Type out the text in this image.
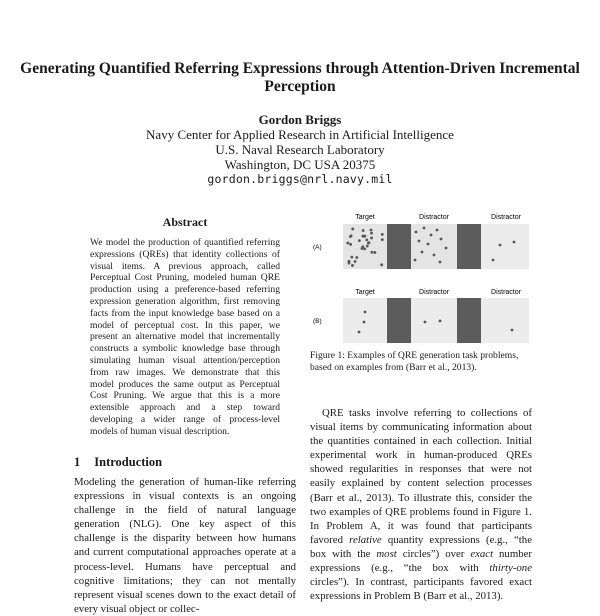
Generating Quantified Referring Expressions through Attention-Driven Incremental Perception
Gordon Briggs
Navy Center for Applied Research in Artificial Intelligence
U.S. Naval Research Laboratory
Washington, DC USA 20375
gordon.briggs@nrl.navy.mil
Abstract
We model the production of quantified referring expressions (QREs) that identity collections of visual items. A previous approach, called Perceptual Cost Pruning, modeled human QRE production using a preference-based referring expression generation algorithm, first removing facts from the input knowledge base based on a model of perceptual cost. In this paper, we present an alternative model that incrementally constructs a symbolic knowledge base through simulating human visual attention/perception from raw images. We demonstrate that this model produces the same output as Perceptual Cost Pruning. We argue that this is a more extensible approach and a step toward developing a wider range of process-level models of human visual description.
1 Introduction
Modeling the generation of human-like referring expressions in visual contexts is an ongoing challenge in the field of natural language generation (NLG). One key aspect of this challenge is the disparity between how humans and current computational approaches operate at a process-level. Humans have perceptual and cognitive limitations; they can not mentally represent visual scenes down to the exact detail of every visual object or collec-
Target	Distractor	Distractor
(A)
Target	Distractor	Distractor
(B)
Figure 1: Examples of QRE generation task problems, based on examples from (Barr et al., 2013).

QRE tasks involve referring to collections of visual items by communicating information about the quantities contained in each collection. Initial experimental work in human-produced QREs showed regularities in responses that were not easily explained by content selection processes (Barr et al., 2013). To illustrate this, consider the two examples of QRE problems found in Figure 1. In Problem A, it was found that participants favored relative quantity expressions (e.g., “the box with the most circles”) over exact number expressions (e.g., “the box with thirty-one circles”). In contrast, participants favored exact expressions in Problem B (Barr et al., 2013).
